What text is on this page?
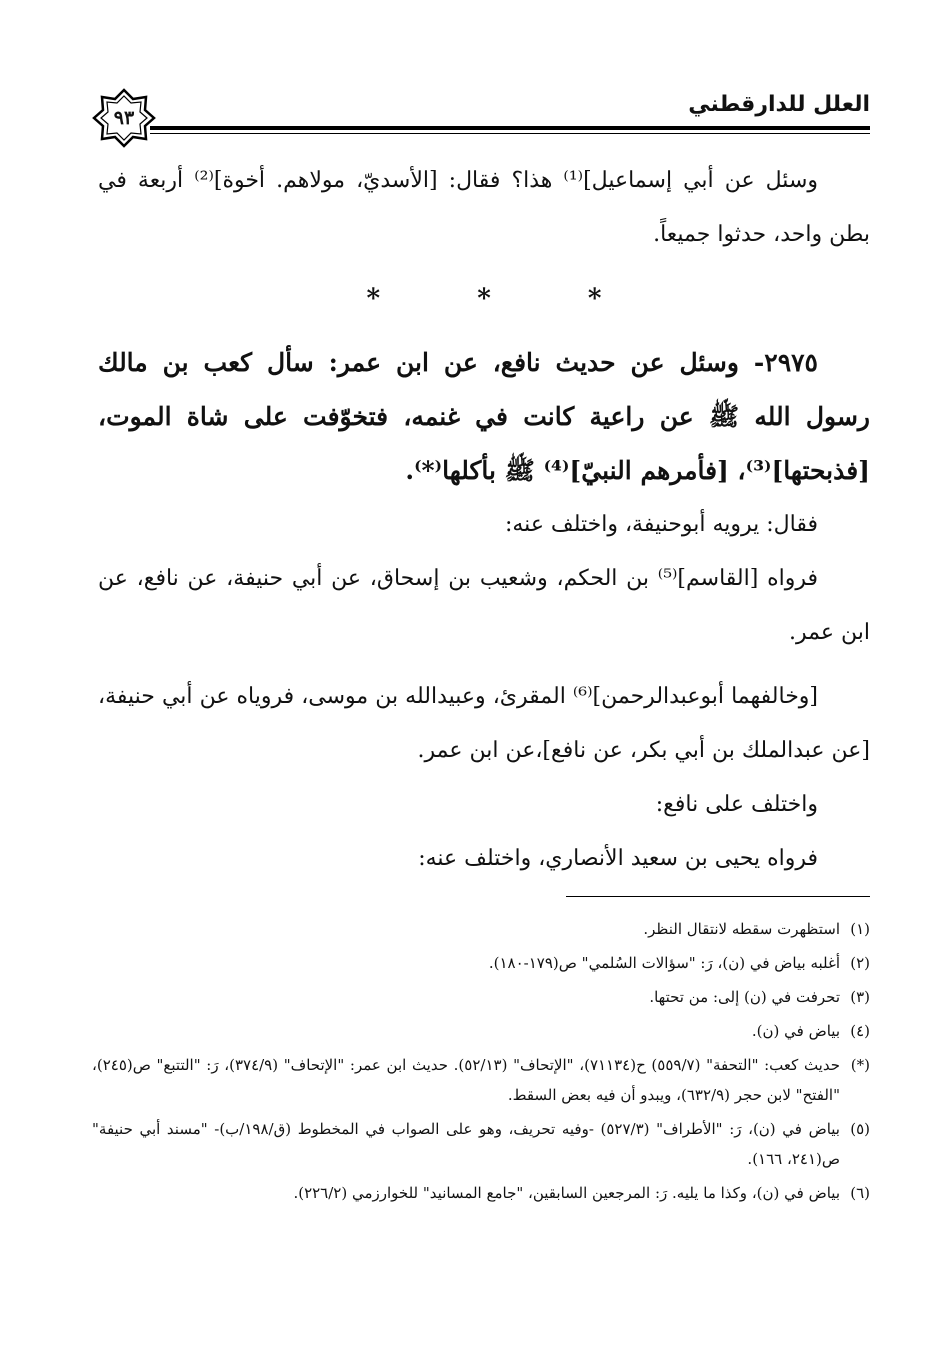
٩٣
العلل للدارقطني

وسئل عن أبي إسماعيل]⁽¹⁾ هذا؟ فقال: [الأسديّ، مولاهم. أخوة]⁽²⁾ أربعة في بطن واحد، حدثوا جميعاً.

* * *

٢٩٧٥- وسئل عن حديث نافع، عن ابن عمر: سأل كعب بن مالك رسول الله ﷺ عن راعية كانت في غنمه، فتخوّفت على شاة الموت، [فذبحتها]⁽³⁾، [فأمرهم النبيّ]⁽⁴⁾ ﷺ بأكلها⁽*⁾.

فقال: يرويه أبوحنيفة، واختلف عنه:

فرواه [القاسم]⁽⁵⁾ بن الحكم، وشعيب بن إسحاق، عن أبي حنيفة، عن نافع، عن ابن عمر.

[وخالفهما أبوعبدالرحمن]⁽⁶⁾ المقرئ، وعبيدالله بن موسى، فروياه عن أبي حنيفة، [عن عبدالملك بن أبي بكر، عن نافع]،عن ابن عمر.

واختلف على نافع:

فرواه يحيى بن سعيد الأنصاري، واختلف عنه:

(١)استظهرت سقطه لانتقال النظر.

(٢)أغلبه بياض في (ن)، رَ: "سؤالات السُلمي" ص(١٧٩-١٨٠).

(٣)تحرفت في (ن) إلى: من تحتها.

(٤)بياض في (ن).

(*)حديث كعب: "التحفة" (٥٥٩/٧) ح(٧١١٣٤)، "الإتحاف" (٥٢/١٣). حديث ابن عمر: "الإتحاف" (٣٧٤/٩)، رَ: "التتبع" ص(٢٤٥)، "الفتح" لابن حجر (٦٣٢/٩)، ويبدو أن فيه بعض السقط.

(٥)بياض في (ن)، رَ: "الأطراف" (٥٢٧/٣) -وفيه تحريف، وهو على الصواب في المخطوط (ق/١٩٨/ب)- "مسند أبي حنيفة" ص(٢٤١، ١٦٦).

(٦)بياض في (ن)، وكذا ما يليه. رَ: المرجعين السابقين، "جامع المسانيد" للخوارزمي (٢٢٦/٢).
